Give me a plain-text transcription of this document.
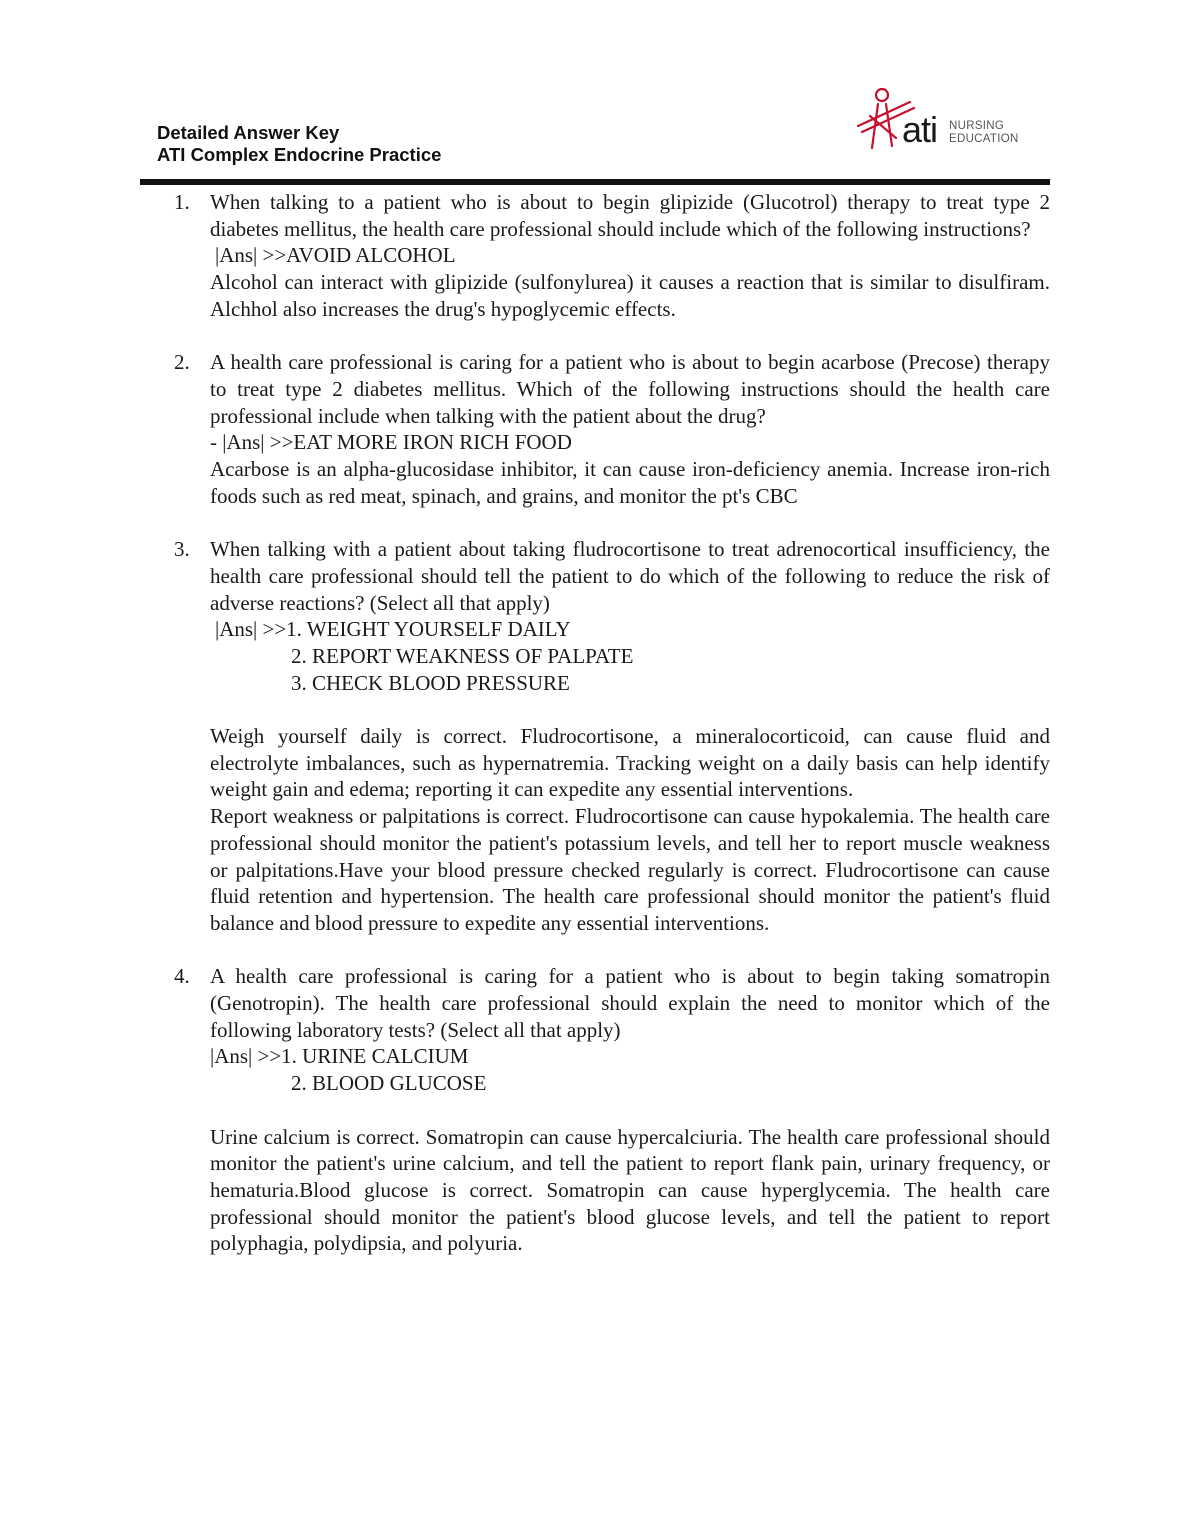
Detailed Answer Key
ATI Complex Endocrine Practice
ati NURSING
EDUCATION
1. When talking to a patient who is about to begin glipizide (Glucotrol) therapy to treat type 2 diabetes mellitus, the health care professional should include which of the following instructions?

|Ans| >>AVOID ALCOHOL

Alcohol can interact with glipizide (sulfonylurea) it causes a reaction that is similar to disulfiram. Alchhol also increases the drug's hypoglycemic effects.

2. A health care professional is caring for a patient who is about to begin acarbose (Precose) therapy to treat type 2 diabetes mellitus. Which of the following instructions should the health care professional include when talking with the patient about the drug?

- |Ans| >>EAT MORE IRON RICH FOOD

Acarbose is an alpha-glucosidase inhibitor, it can cause iron-deficiency anemia. Increase iron-rich foods such as red meat, spinach, and grains, and monitor the pt's CBC

3. When talking with a patient about taking fludrocortisone to treat adrenocortical insufficiency, the health care professional should tell the patient to do which of the following to reduce the risk of adverse reactions? (Select all that apply)

|Ans| >>1. WEIGHT YOURSELF DAILY

2. REPORT WEAKNESS OF PALPATE

3. CHECK BLOOD PRESSURE

Weigh yourself daily is correct. Fludrocortisone, a mineralocorticoid, can cause fluid and electrolyte imbalances, such as hypernatremia. Tracking weight on a daily basis can help identify weight gain and edema; reporting it can expedite any essential interventions.

Report weakness or palpitations is correct. Fludrocortisone can cause hypokalemia. The health care professional should monitor the patient's potassium levels, and tell her to report muscle weakness or palpitations.Have your blood pressure checked regularly is correct. Fludrocortisone can cause fluid retention and hypertension. The health care professional should monitor the patient's fluid balance and blood pressure to expedite any essential interventions.

4. A health care professional is caring for a patient who is about to begin taking somatropin (Genotropin). The health care professional should explain the need to monitor which of the following laboratory tests? (Select all that apply)

|Ans| >>1. URINE CALCIUM

2. BLOOD GLUCOSE

Urine calcium is correct. Somatropin can cause hypercalciuria. The health care professional should monitor the patient's urine calcium, and tell the patient to report flank pain, urinary frequency, or hematuria.Blood glucose is correct. Somatropin can cause hyperglycemia. The health care professional should monitor the patient's blood glucose levels, and tell the patient to report polyphagia, polydipsia, and polyuria.
